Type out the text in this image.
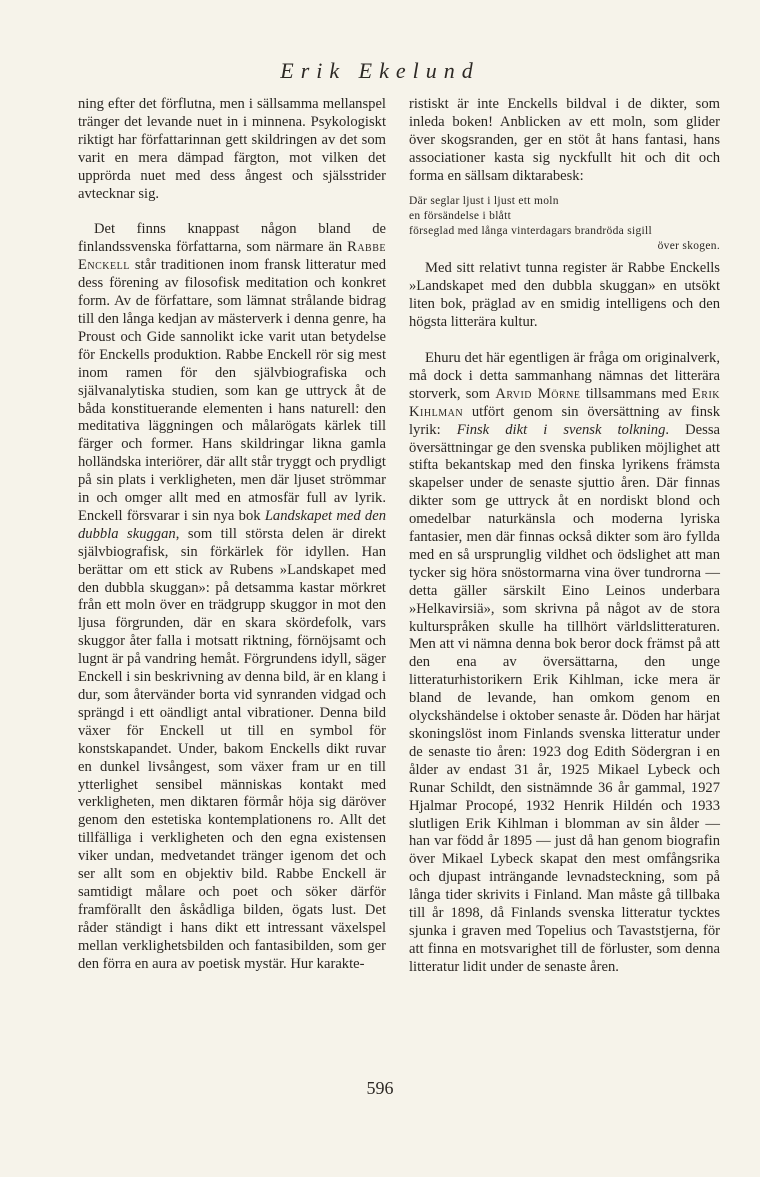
Erik Ekelund

ning efter det förflutna, men i sällsamma mellanspel tränger det levande nuet in i minnena. Psykologiskt riktigt har författarinnan gett skildringen av det som varit en mera dämpad färgton, mot vilken det upprörda nuet med dess ångest och själsstrider avtecknar sig.

Det finns knappast någon bland de finlandssvenska författarna, som närmare än Rabbe Enckell står traditionen inom fransk litteratur med dess förening av filosofisk meditation och konkret form. Av de författare, som lämnat strålande bidrag till den långa kedjan av mästerverk i denna genre, ha Proust och Gide sannolikt icke varit utan betydelse för Enckells produktion. Rabbe Enckell rör sig mest inom ramen för den självbiografiska och självanalytiska studien, som kan ge uttryck åt de båda konstituerande elementen i hans naturell: den meditativa läggningen och målarögats kärlek till färger och former. Hans skildringar likna gamla holländska interiörer, där allt står tryggt och prydligt på sin plats i verkligheten, men där ljuset strömmar in och omger allt med en atmosfär full av lyrik. Enckell försvarar i sin nya bok Landskapet med den dubbla skuggan, som till största delen är direkt självbiografisk, sin förkärlek för idyllen. Han berättar om ett stick av Rubens »Landskapet med den dubbla skuggan»: på detsamma kastar mörkret från ett moln över en trädgrupp skuggor in mot den ljusa förgrunden, där en skara skördefolk, vars skuggor åter falla i motsatt riktning, förnöjsamt och lugnt är på vandring hemåt. Förgrundens idyll, säger Enckell i sin beskrivning av denna bild, är en klang i dur, som återvänder borta vid synranden vidgad och sprängd i ett oändligt antal vibrationer. Denna bild växer för Enckell ut till en symbol för konstskapandet. Under, bakom Enckells dikt ruvar en dunkel livsångest, som växer fram ur en till ytterlighet sensibel människas kontakt med verkligheten, men diktaren förmår höja sig däröver genom den estetiska kontemplationens ro. Allt det tillfälliga i verkligheten och den egna existensen viker undan, medvetandet tränger igenom det och ser allt som en objektiv bild. Rabbe Enckell är samtidigt målare och poet och söker därför framförallt den åskådliga bilden, ögats lust. Det råder ständigt i hans dikt ett intressant växelspel mellan verklighetsbilden och fantasibilden, som ger den förra en aura av poetisk mystär. Hur karakte-

ristiskt är inte Enckells bildval i de dikter, som inleda boken! Anblicken av ett moln, som glider över skogsranden, ger en stöt åt hans fantasi, hans associationer kasta sig nyckfullt hit och dit och forma en sällsam diktarabesk:

Där seglar ljust i ljust ett moln
en försändelse i blått
förseglad med långa vinterdagars brandröda sigill
över skogen.

Med sitt relativt tunna register är Rabbe Enckells »Landskapet med den dubbla skuggan» en utsökt liten bok, präglad av en smidig intelligens och den högsta litterära kultur.

Ehuru det här egentligen är fråga om originalverk, må dock i detta sammanhang nämnas det litterära storverk, som Arvid Mörne tillsammans med Erik Kihlman utfört genom sin översättning av finsk lyrik: Finsk dikt i svensk tolkning. Dessa översättningar ge den svenska publiken möjlighet att stifta bekantskap med den finska lyrikens främsta skapelser under de senaste sjuttio åren. Där finnas dikter som ge uttryck åt en nordiskt blond och omedelbar naturkänsla och moderna lyriska fantasier, men där finnas också dikter som äro fyllda med en så ursprunglig vildhet och ödslighet att man tycker sig höra snöstormarna vina över tundrorna — detta gäller särskilt Eino Leinos underbara »Helkavirsiä», som skrivna på något av de stora kulturspråken skulle ha tillhört världslitteraturen. Men att vi nämna denna bok beror dock främst på att den ena av översättarna, den unge litteraturhistorikern Erik Kihlman, icke mera är bland de levande, han omkom genom en olyckshändelse i oktober senaste år. Döden har härjat skoningslöst inom Finlands svenska litteratur under de senaste tio åren: 1923 dog Edith Södergran i en ålder av endast 31 år, 1925 Mikael Lybeck och Runar Schildt, den sistnämnde 36 år gammal, 1927 Hjalmar Procopé, 1932 Henrik Hildén och 1933 slutligen Erik Kihlman i blomman av sin ålder — han var född år 1895 — just då han genom biografin över Mikael Lybeck skapat den mest omfångsrika och djupast inträngande levnadsteckning, som på långa tider skrivits i Finland. Man måste gå tillbaka till år 1898, då Finlands svenska litteratur tycktes sjunka i graven med Topelius och Tavaststjerna, för att finna en motsvarighet till de förluster, som denna litteratur lidit under de senaste åren.

596
